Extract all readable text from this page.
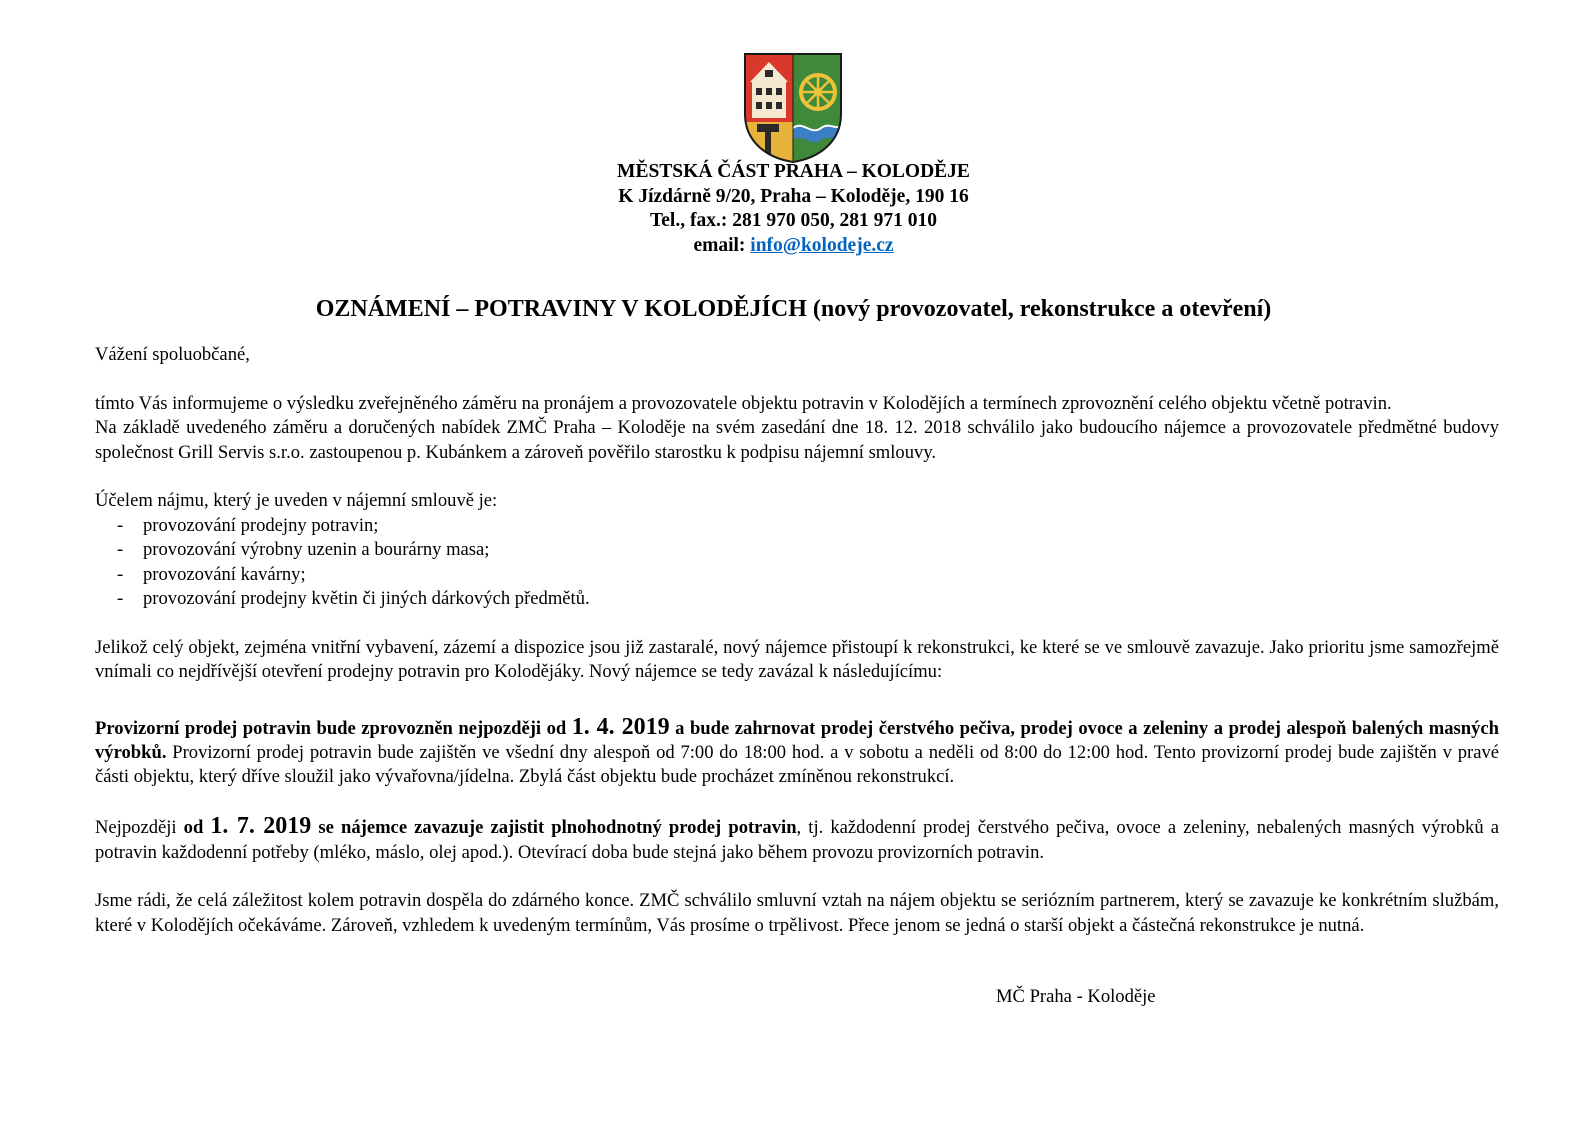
MĚSTSKÁ ČÁST PRAHA – KOLODĚJE
K Jízdárně 9/20, Praha – Koloděje, 190 16
Tel., fax.: 281 970 050, 281 971 010
email: info@kolodeje.cz
OZNÁMENÍ – POTRAVINY V KOLODĚJÍCH (nový provozovatel, rekonstrukce a otevření)

Vážení spoluobčané,

tímto Vás informujeme o výsledku zveřejněného záměru na pronájem a provozovatele objektu potravin v Kolodějích a termínech zprovoznění celého objektu včetně potravin.

Na základě uvedeného záměru a doručených nabídek ZMČ Praha – Koloděje na svém zasedání dne 18. 12. 2018 schválilo jako budoucího nájemce a provozovatele předmětné budovy společnost Grill Servis s.r.o. zastoupenou p. Kubánkem a zároveň pověřilo starostku k podpisu nájemní smlouvy.

Účelem nájmu, který je uveden v nájemní smlouvě je:

- provozování prodejny potravin;
- provozování výrobny uzenin a bourárny masa;
- provozování kavárny;
- provozování prodejny květin či jiných dárkových předmětů.

Jelikož celý objekt, zejména vnitřní vybavení, zázemí a dispozice jsou již zastaralé, nový nájemce přistoupí k rekonstrukci, ke které se ve smlouvě zavazuje. Jako prioritu jsme samozřejmě vnímali co nejdřívější otevření prodejny potravin pro Koloděјáky. Nový nájemce se tedy zavázal k následujícímu:

Provizorní prodej potravin bude zprovozněn nejpozději od 1. 4. 2019 a bude zahrnovat prodej čerstvého pečiva, prodej ovoce a zeleniny a prodej alespoň balených masných výrobků. Provizorní prodej potravin bude zajištěn ve všední dny alespoň od 7:00 do 18:00 hod. a v sobotu a neděli od 8:00 do 12:00 hod. Tento provizorní prodej bude zajištěn v pravé části objektu, který dříve sloužil jako vývařovna/jídelna. Zbylá část objektu bude procházet zmíněnou rekonstrukcí.

Nejpozději od 1. 7. 2019 se nájemce zavazuje zajistit plnohodnotný prodej potravin, tj. každodenní prodej čerstvého pečiva, ovoce a zeleniny, nebalených masných výrobků a potravin každodenní potřeby (mléko, máslo, olej apod.). Otevírací doba bude stejná jako během provozu provizorních potravin.

Jsme rádi, že celá záležitost kolem potravin dospěla do zdárného konce. ZMČ schválilo smluvní vztah na nájem objektu se seriózním partnerem, který se zavazuje ke konkrétním službám, které v Kolodějích očekáváme. Zároveň, vzhledem k uvedeným termínům, Vás prosíme o trpělivost. Přece jenom se jedná o starší objekt a částečná rekonstrukce je nutná.

MČ Praha - Koloděje
